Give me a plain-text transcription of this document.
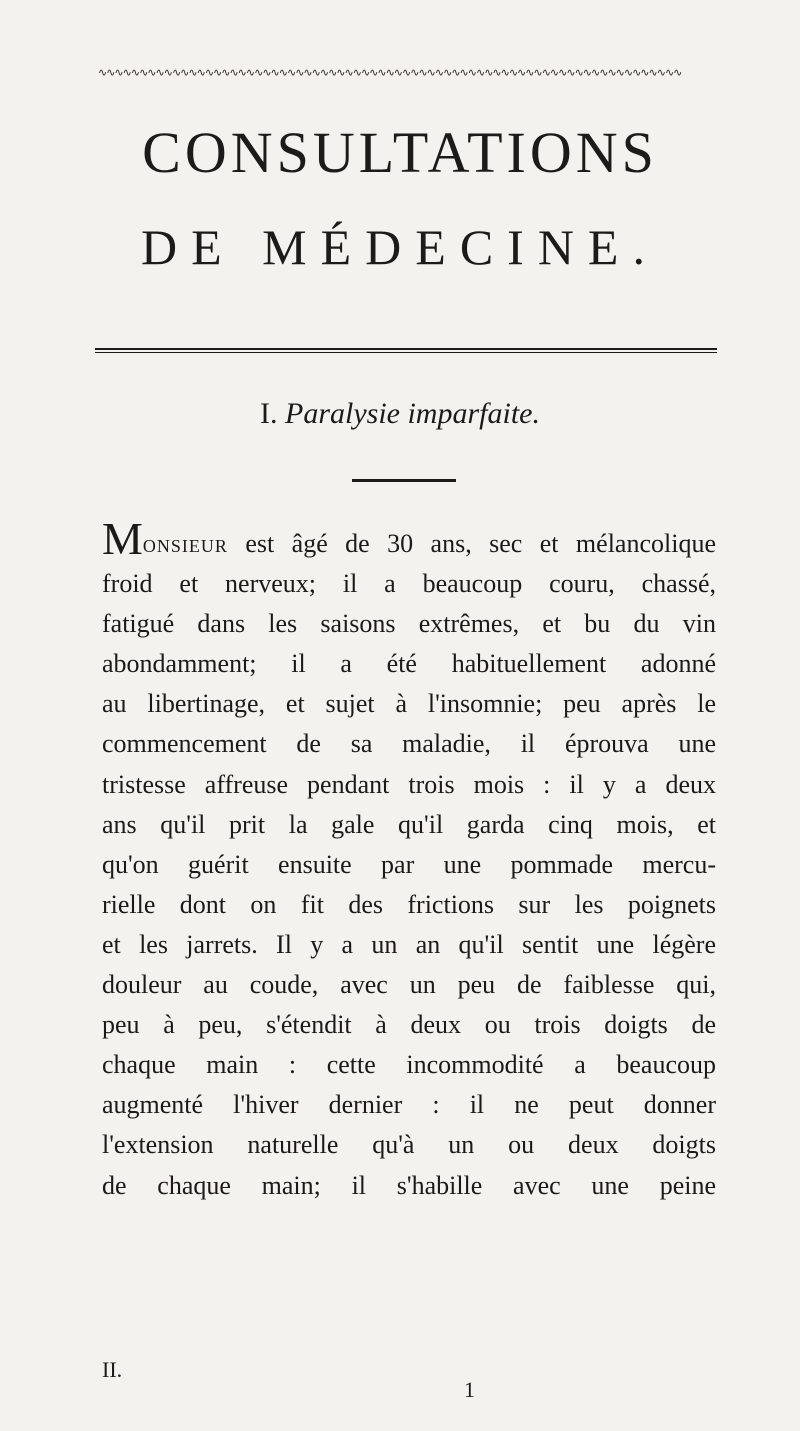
∿∿∿∿∿∿∿∿∿∿∿∿∿∿∿∿∿∿∿∿∿∿∿∿∿∿∿∿∿∿∿∿∿∿∿∿∿∿∿∿∿∿∿∿∿∿∿∿∿∿∿∿∿∿∿∿∿∿∿∿∿∿∿∿∿∿∿∿∿∿∿
CONSULTATIONS
DE MÉDECINE.
I. Paralysie imparfaite.
Monsieur est âgé de 30 ans, sec et mélancolique
froid et nerveux; il a beaucoup couru, chassé,
fatigué dans les saisons extrêmes, et bu du vin
abondamment; il a été habituellement adonné
au libertinage, et sujet à l'insomnie; peu après le
commencement de sa maladie, il éprouva une
tristesse affreuse pendant trois mois : il y a deux
ans qu'il prit la gale qu'il garda cinq mois, et
qu'on guérit ensuite par une pommade mercu-
rielle dont on fit des frictions sur les poignets
et les jarrets. Il y a un an qu'il sentit une légère
douleur au coude, avec un peu de faiblesse qui,
peu à peu, s'étendit à deux ou trois doigts de
chaque main : cette incommodité a beaucoup
augmenté l'hiver dernier : il ne peut donner
l'extension naturelle qu'à un ou deux doigts
de chaque main; il s'habille avec une peine
II.
1
